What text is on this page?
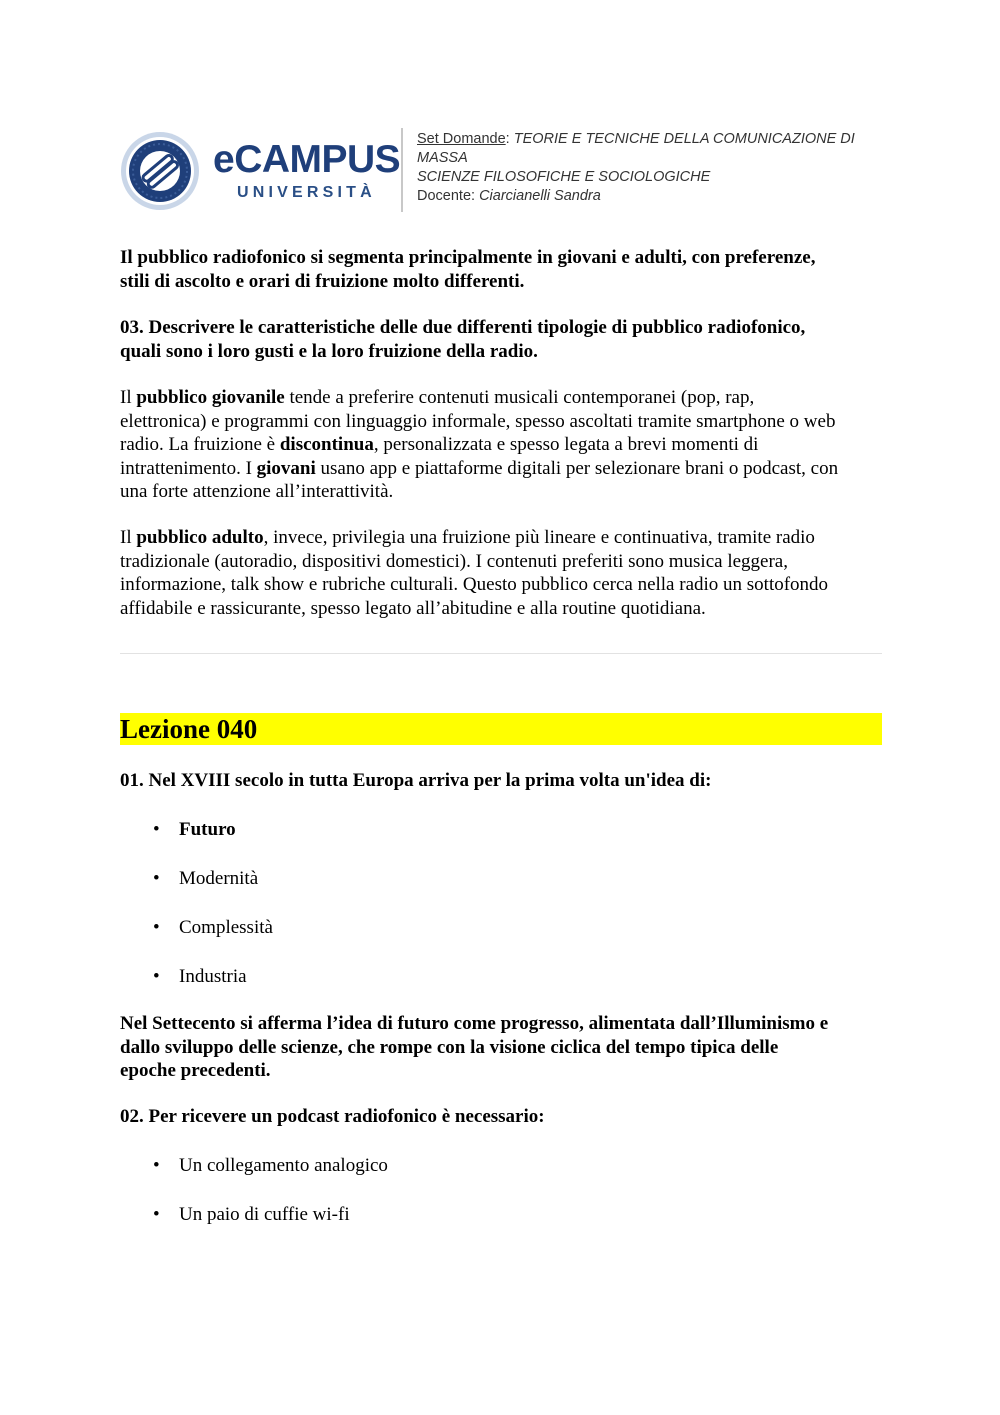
eCAMPUS
UNIVERSITÀ
Set Domande: TEORIE E TECNICHE DELLA COMUNICAZIONE DI
MASSA
SCIENZE FILOSOFICHE E SOCIOLOGICHE
Docente: Ciarcianelli Sandra

Il pubblico radiofonico si segmenta principalmente in giovani e adulti, con preferenze,
stili di ascolto e orari di fruizione molto differenti.

03. Descrivere le caratteristiche delle due differenti tipologie di pubblico radiofonico,
quali sono i loro gusti e la loro fruizione della radio.

Il pubblico giovanile tende a preferire contenuti musicali contemporanei (pop, rap,
elettronica) e programmi con linguaggio informale, spesso ascoltati tramite smartphone o web
radio. La fruizione è discontinua, personalizzata e spesso legata a brevi momenti di
intrattenimento. I giovani usano app e piattaforme digitali per selezionare brani o podcast, con
una forte attenzione all’interattività.

Il pubblico adulto, invece, privilegia una fruizione più lineare e continuativa, tramite radio
tradizionale (autoradio, dispositivi domestici). I contenuti preferiti sono musica leggera,
informazione, talk show e rubriche culturali. Questo pubblico cerca nella radio un sottofondo
affidabile e rassicurante, spesso legato all’abitudine e alla routine quotidiana.

Lezione 040

01. Nel XVIII secolo in tutta Europa arriva per la prima volta un'idea di:

• Futuro
• Modernità
• Complessità
• Industria

Nel Settecento si afferma l’idea di futuro come progresso, alimentata dall’Illuminismo e
dallo sviluppo delle scienze, che rompe con la visione ciclica del tempo tipica delle
epoche precedenti.

02. Per ricevere un podcast radiofonico è necessario:

• Un collegamento analogico
• Un paio di cuffie wi-fi
